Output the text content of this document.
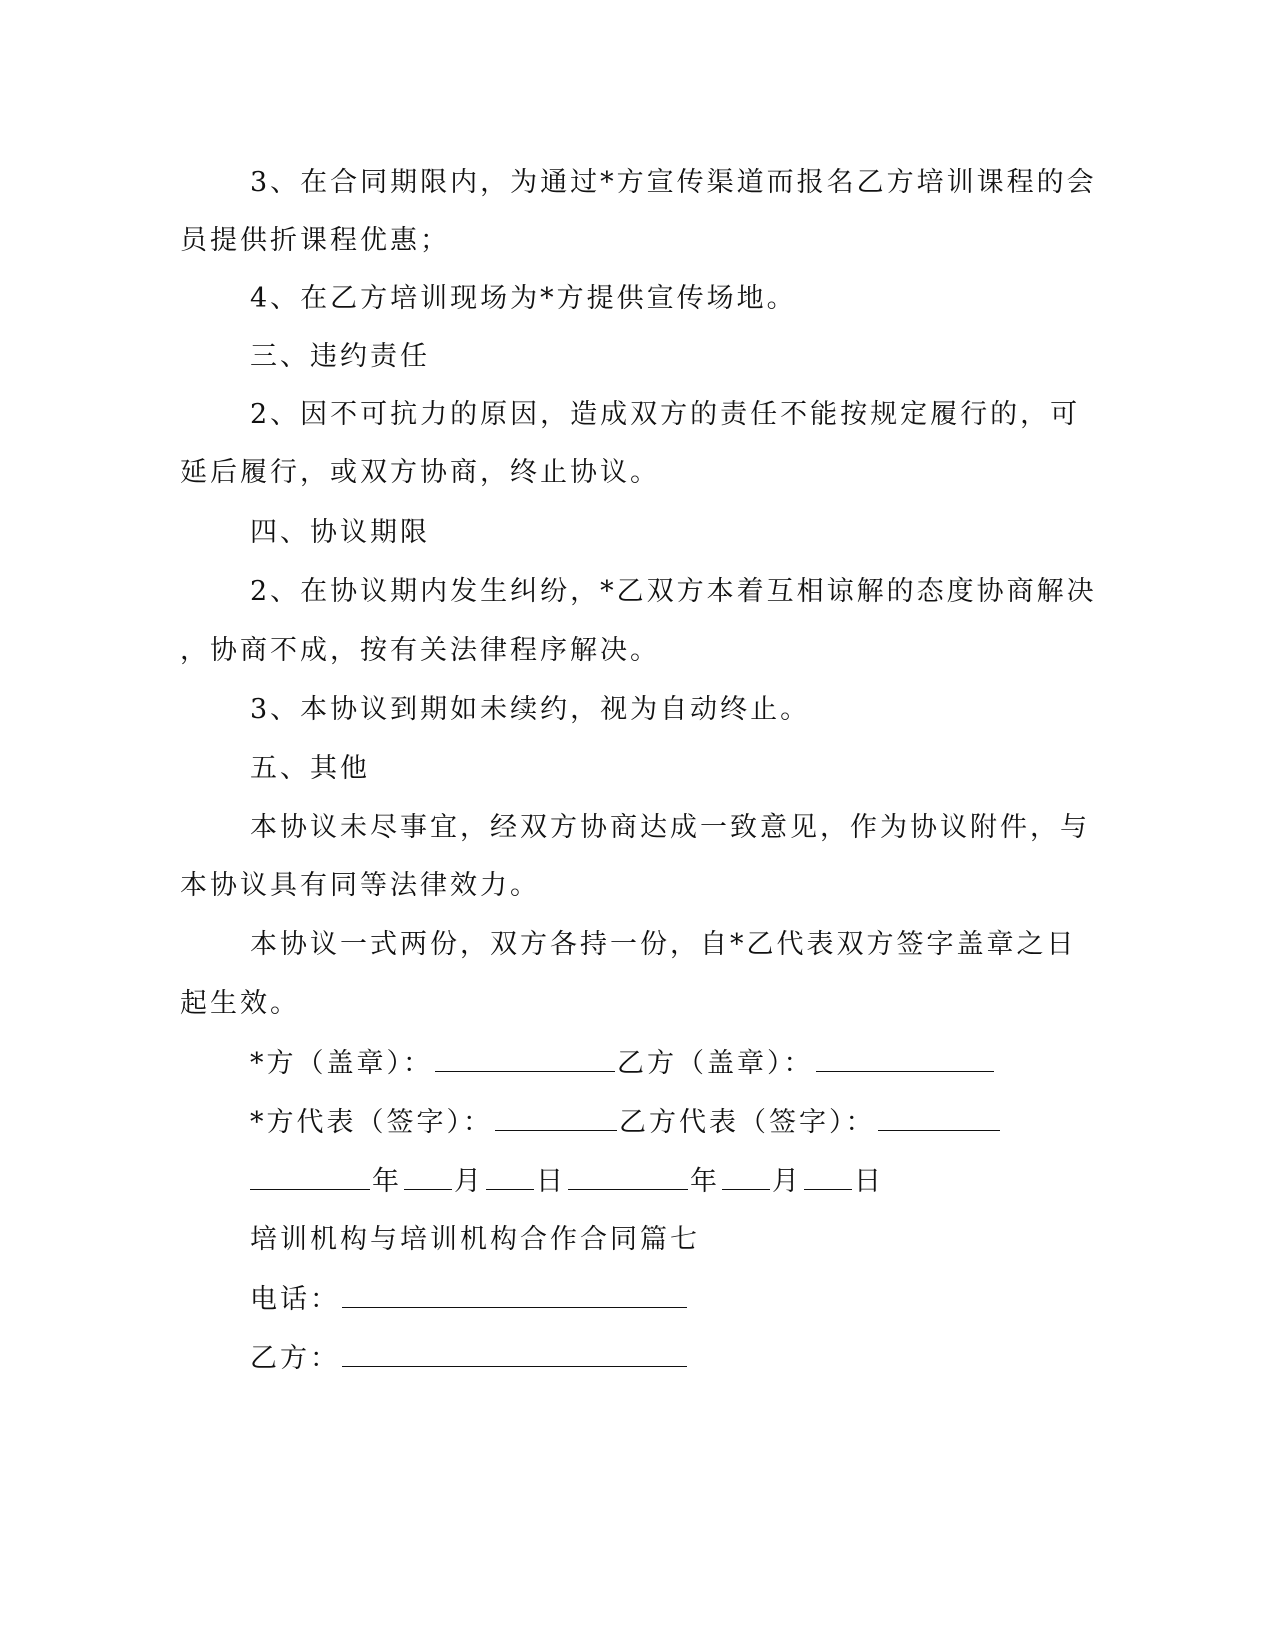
3、在合同期限内，为通过*方宣传渠道而报名乙方培训课程的会
员提供折课程优惠；
4、在乙方培训现场为*方提供宣传场地。
三、违约责任
2、因不可抗力的原因，造成双方的责任不能按规定履行的，可
延后履行，或双方协商，终止协议。
四、协议期限
2、在协议期内发生纠纷，*乙双方本着互相谅解的态度协商解决
，协商不成，按有关法律程序解决。
3、本协议到期如未续约，视为自动终止。
五、其他
本协议未尽事宜，经双方协商达成一致意见，作为协议附件，与
本协议具有同等法律效力。
本协议一式两份，双方各持一份，自*乙代表双方签字盖章之日
起生效。
*方（盖章）：	乙方（盖章）：
*方代表（签字）：	乙方代表（签字）：
年 月 日	年 月 日
培训机构与培训机构合作合同篇七
电话：
乙方：
